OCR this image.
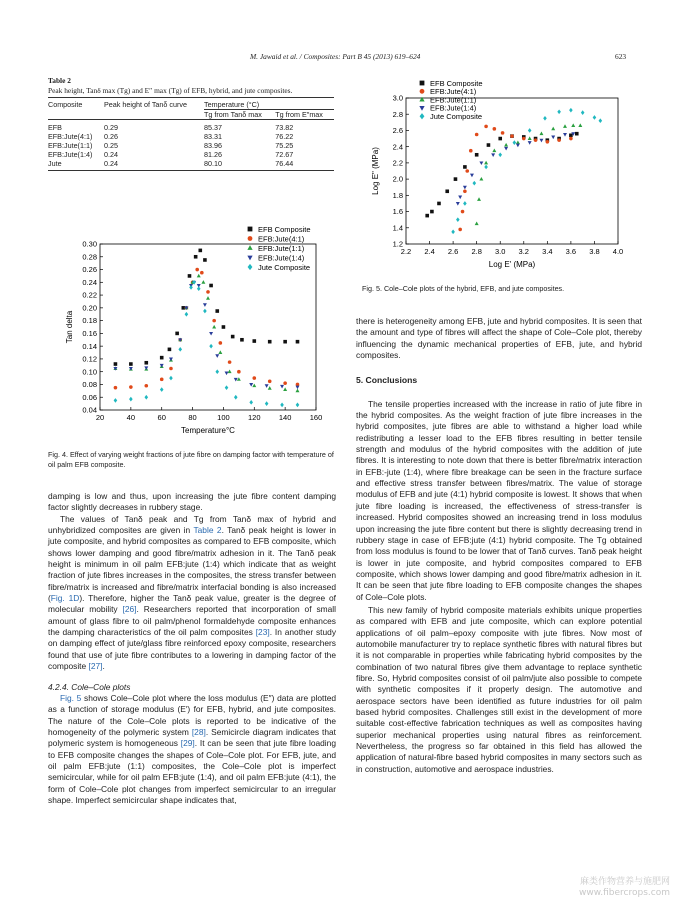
M. Jawaid et al. / Composites: Part B 45 (2013) 619–624	623
Table 2
Peak height, Tanδ max (Tg) and E″ max (Tg) of EFB, hybrid, and jute composites.
Composite	Peak height of Tanδ curve	Temperature (°C)	
		Tg from Tanδ max	Tg from E″max
EFB	0.29	85.37	73.82
EFB:Jute(4:1)	0.26	83.31	76.22
EFB:Jute(1:1)	0.25	83.96	75.25
EFB:Jute(1:4)	0.24	81.26	72.67
Jute	0.24	80.10	76.44
20	40	60	80	100 120 140 160
0.04
0.06
0.08
0.10
0.12
0.14
0.16
0.18
0.20
0.22
0.24
0.26
0.28
0.30
Temperature°C
Tan delta
EFB Composite
EFB:Jute(4:1)
EFB:Jute(1:1)
EFB:Jute(1:4)
Jute Composite
Fig. 4. Effect of varying weight fractions of jute fibre on damping factor with temperature of oil palm EFB composite.
2.2 2.4 2.6 2.8 3.0 3.2 3.4 3.6 3.8 4.0
1.2
1.4
1.6
1.8
2.0
2.2
2.4
2.6
2.8
3.0
Log E' (MPa)
Log E" (MPa)
EFB Composite
EFB:Jute(4:1)
EFB:Jute(1:1)
EFB:Jute(1:4)
Jute Composite
Fig. 5. Cole–Cole plots of the hybrid, EFB, and jute composites.
damping is low and thus, upon increasing the jute fibre content damping factor slightly decreases in rubbery stage.
The values of Tanδ peak and Tg from Tanδ max of hybrid and unhybridized composites are given in Table 2. Tanδ peak height is lower in jute composite, and hybrid composites as compared to EFB composite, which shows lower damping and good fibre/matrix adhesion in it. The Tanδ peak height is minimum in oil palm EFB:jute (1:4) which indicate that as weight fraction of jute fibres increases in the composites, the stress transfer between fibre/matrix is increased and fibre/matrix interfacial bonding is also increased (Fig. 1D). Therefore, higher the Tanδ peak value, greater is the degree of molecular mobility [26]. Researchers reported that incorporation of small amount of glass fibre to oil palm/phenol formaldehyde composite enhances the damping characteristics of the oil palm composites [23]. In another study on damping effect of jute/glass fibre reinforced epoxy composite, researchers found that use of jute fibre contributes to a lowering in damping factor of the composite [27].
4.2.4. Cole–Cole plots
Fig. 5 shows Cole–Cole plot where the loss modulus (E″) data are plotted as a function of storage modulus (E′) for EFB, hybrid, and jute composites. The nature of the Cole–Cole plots is reported to be indicative of the homogeneity of the polymeric system [28]. Semicircle diagram indicates that polymeric system is homogeneous [29]. It can be seen that jute fibre loading to EFB composite changes the shapes of Cole–Cole plot. For EFB, jute, and oil palm EFB:jute (1:1) composites, the Cole–Cole plot is imperfect semicircular, while for oil palm EFB:jute (1:4), and oil palm EFB:jute (4:1), the form of Cole–Cole plot changes from imperfect semicircular to an irregular shape. Imperfect semicircular shape indicates that,
there is heterogeneity among EFB, jute and hybrid composites. It is seen that the amount and type of fibres will affect the shape of Cole–Cole plot, thereby influencing the dynamic mechanical properties of EFB, jute, and hybrid composites.
5. Conclusions
The tensile properties increased with the increase in ratio of jute fibre in the hybrid composites. As the weight fraction of jute fibre increases in the hybrid composites, jute fibres are able to withstand a higher load while redistributing a lesser load to the EFB fibres resulting in better tensile strength and modulus of the hybrid composites with the addition of jute fibres. It is interesting to note down that there is better fibre/matrix interaction in EFB:-jute (1:4), where fibre breakage can be seen in the fracture surface and effective stress transfer between fibres/matrix. The value of storage modulus of EFB and jute (4:1) hybrid composite is lowest. It shows that when jute fibre loading is increased, the effectiveness of stress-transfer is increased. Hybrid composites showed an increasing trend in loss modulus upon increasing the jute fibre content but there is slightly decreasing trend in rubbery stage in case of EFB:jute (4:1) hybrid composite. The Tg obtained from loss modulus is found to be lower that of Tanδ curves. Tanδ peak height is lower in jute composite, and hybrid composites compared to EFB composite, which shows lower damping and good fibre/matrix adhesion in it. It can be seen that jute fibre loading to EFB composite changes the shapes of Cole–Cole plots.
This new family of hybrid composite materials exhibits unique properties as compared with EFB and jute composite, which can explore potential applications of oil palm–epoxy composite with jute fibres. Now most of automobile manufacturer try to replace synthetic fibres with natural fibres but it is not comparable in properties while fabricating hybrid composites by the combination of two natural fibres give them advantage to replace synthetic fibre. So, Hybrid composites consist of oil palm/jute also possible to compete with synthetic composites if it properly design. The automotive and aerospace sectors have been identified as future industries for oil palm based hybrid composites. Challenges still exist in the development of more suitable cost-effective fabrication techniques as well as composites having superior mechanical properties using natural fibres as reinforcement. Nevertheless, the progress so far obtained in this field has allowed the application of natural-fibre based hybrid composites in many sectors such as in construction, automotive and aerospace industries.
麻类作物营养与施肥网
www.fibercrops.com
